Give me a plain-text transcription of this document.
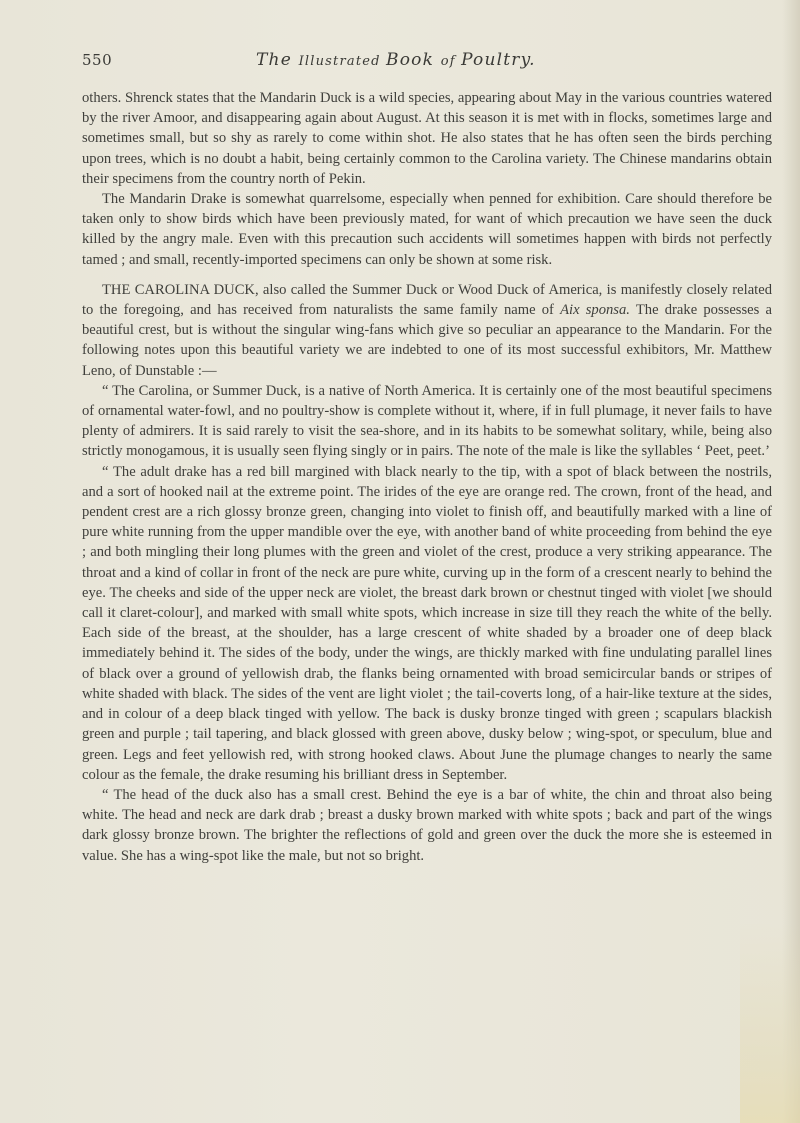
550	The Illustrated Book of Poultry.

others. Shrenck states that the Mandarin Duck is a wild species, appearing about May in the various countries watered by the river Amoor, and disappearing again about August. At this season it is met with in flocks, sometimes large and sometimes small, but so shy as rarely to come within shot. He also states that he has often seen the birds perching upon trees, which is no doubt a habit, being certainly common to the Carolina variety. The Chinese mandarins obtain their specimens from the country north of Pekin.

The Mandarin Drake is somewhat quarrelsome, especially when penned for exhibition. Care should therefore be taken only to show birds which have been previously mated, for want of which precaution we have seen the duck killed by the angry male. Even with this precaution such accidents will sometimes happen with birds not perfectly tamed ; and small, recently-imported specimens can only be shown at some risk.

THE CAROLINA DUCK, also called the Summer Duck or Wood Duck of America, is manifestly closely related to the foregoing, and has received from naturalists the same family name of Aix sponsa. The drake possesses a beautiful crest, but is without the singular wing-fans which give so peculiar an appearance to the Mandarin. For the following notes upon this beautiful variety we are indebted to one of its most successful exhibitors, Mr. Matthew Leno, of Dunstable :—

“ The Carolina, or Summer Duck, is a native of North America. It is certainly one of the most beautiful specimens of ornamental water-fowl, and no poultry-show is complete without it, where, if in full plumage, it never fails to have plenty of admirers. It is said rarely to visit the sea-shore, and in its habits to be somewhat solitary, while, being also strictly monogamous, it is usually seen flying singly or in pairs. The note of the male is like the syllables ‘ Peet, peet.’

“ The adult drake has a red bill margined with black nearly to the tip, with a spot of black between the nostrils, and a sort of hooked nail at the extreme point. The irides of the eye are orange red. The crown, front of the head, and pendent crest are a rich glossy bronze green, changing into violet to finish off, and beautifully marked with a line of pure white running from the upper mandible over the eye, with another band of white proceeding from behind the eye ; and both mingling their long plumes with the green and violet of the crest, produce a very striking appearance. The throat and a kind of collar in front of the neck are pure white, curving up in the form of a crescent nearly to behind the eye. The cheeks and side of the upper neck are violet, the breast dark brown or chestnut tinged with violet [we should call it claret-colour], and marked with small white spots, which increase in size till they reach the white of the belly. Each side of the breast, at the shoulder, has a large crescent of white shaded by a broader one of deep black immediately behind it. The sides of the body, under the wings, are thickly marked with fine undulating parallel lines of black over a ground of yellowish drab, the flanks being ornamented with broad semicircular bands or stripes of white shaded with black. The sides of the vent are light violet ; the tail-coverts long, of a hair-like texture at the sides, and in colour of a deep black tinged with yellow. The back is dusky bronze tinged with green ; scapulars blackish green and purple ; tail tapering, and black glossed with green above, dusky below ; wing-spot, or speculum, blue and green. Legs and feet yellowish red, with strong hooked claws. About June the plumage changes to nearly the same colour as the female, the drake resuming his brilliant dress in September.

“ The head of the duck also has a small crest. Behind the eye is a bar of white, the chin and throat also being white. The head and neck are dark drab ; breast a dusky brown marked with white spots ; back and part of the wings dark glossy bronze brown. The brighter the reflections of gold and green over the duck the more she is esteemed in value. She has a wing-spot like the male, but not so bright.
